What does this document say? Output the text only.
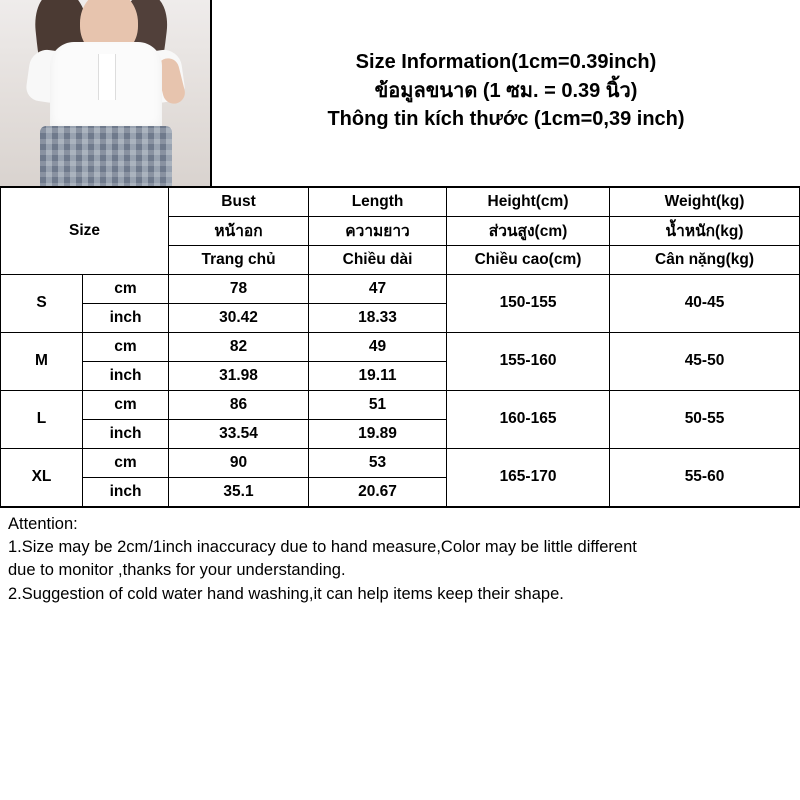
Size Information(1cm=0.39inch)
ข้อมูลขนาด (1 ซม. = 0.39 นิ้ว)
Thông tin kích thước (1cm=0,39 inch)
Size		Bust	Length	Height(cm)	Weight(kg)
		หน้าอก	ความยาว	ส่วนสูง(cm)	น้ำหนัก(kg)
		Trang chủ	Chiều dài	Chiều cao(cm)	Cân nặng(kg)
S	cm	78	47	150-155	40-45
	inch	30.42	18.33		
M	cm	82	49	155-160	45-50
	inch	31.98	19.11		
L	cm	86	51	160-165	50-55
	inch	33.54	19.89		
XL	cm	90	53	165-170	55-60
	inch	35.1	20.67		

Attention:

1.Size may be 2cm/1inch inaccuracy due to hand measure,Color may be little different

due to monitor ,thanks for your understanding.

2.Suggestion of cold water hand washing,it can help items keep their shape.
